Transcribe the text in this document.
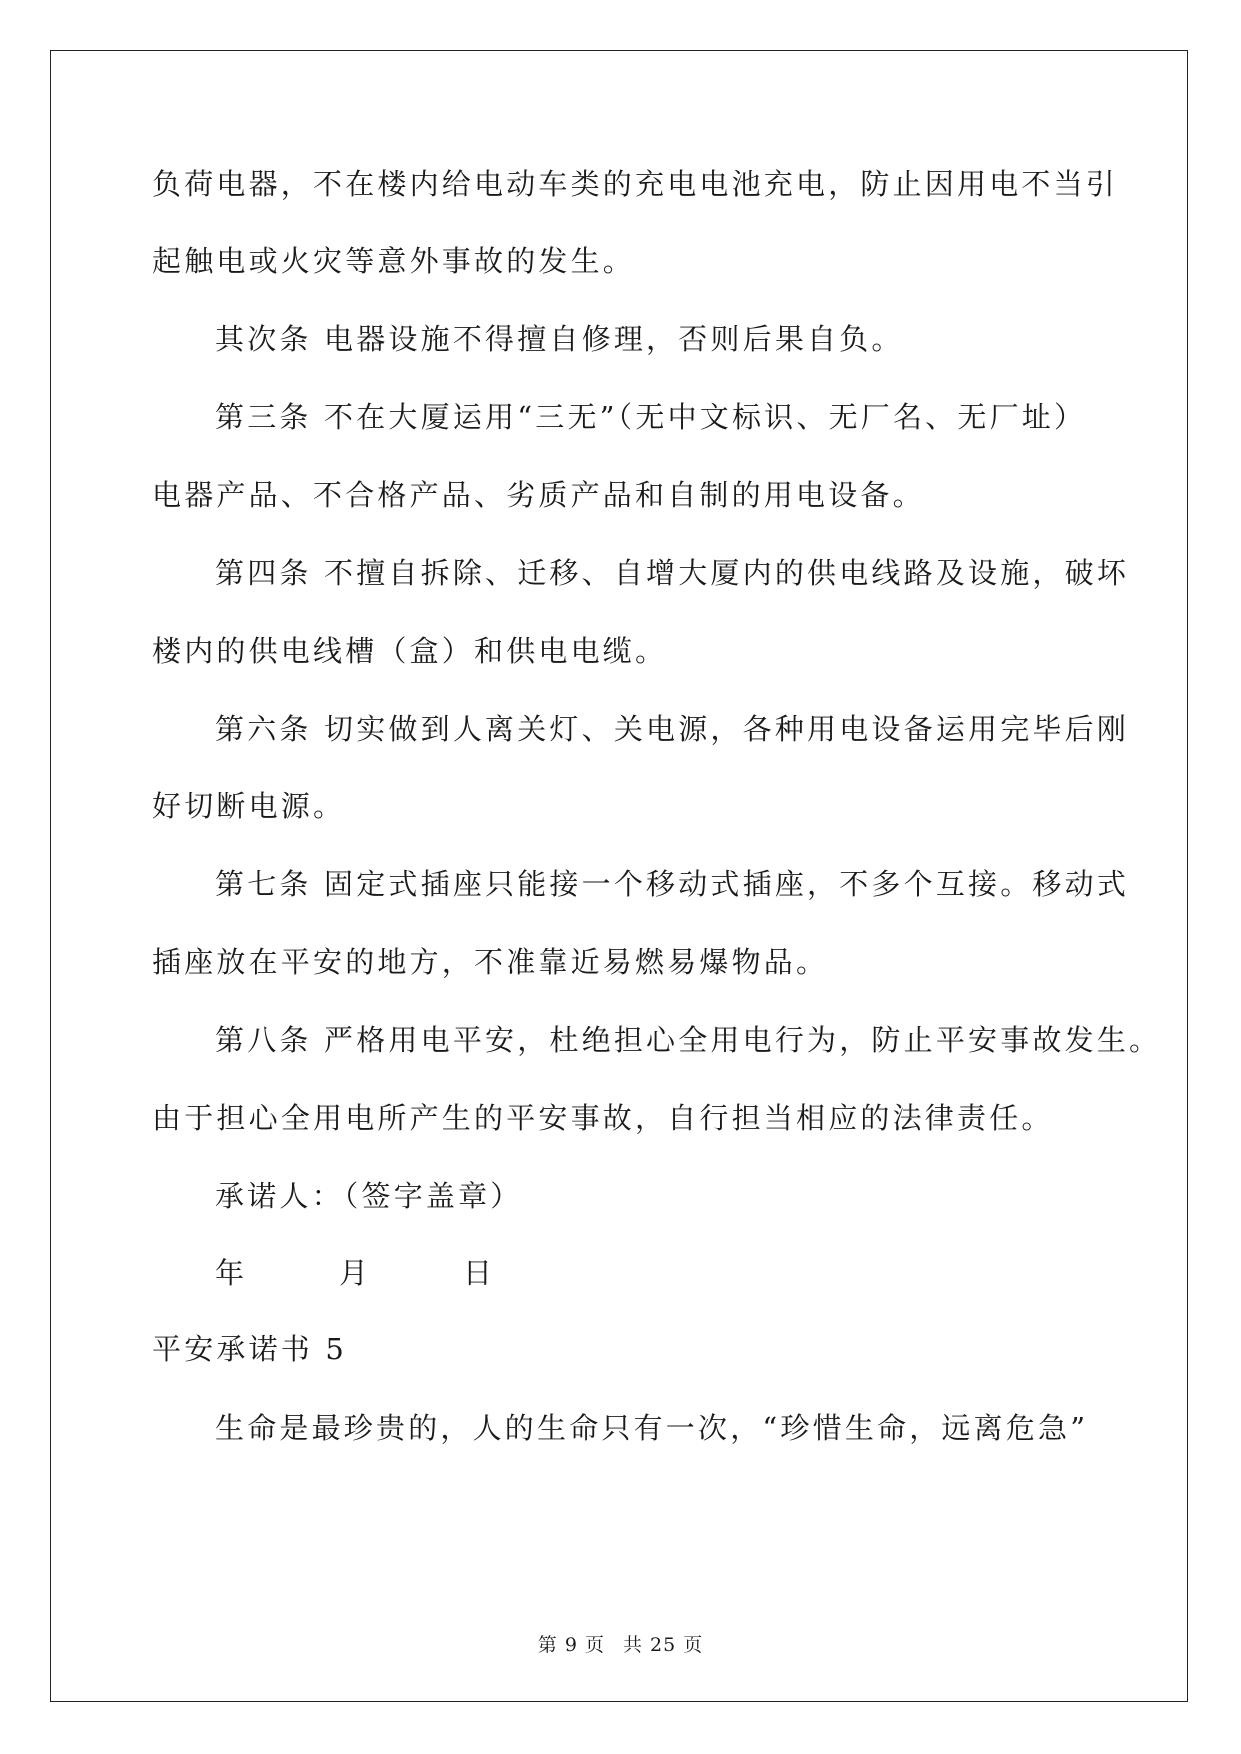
负荷电器，不在楼内给电动车类的充电电池充电，防止因用电不当引
起触电或火灾等意外事故的发生。
其次条 电器设施不得擅自修理，否则后果自负。
第三条 不在大厦运用“三无”（无中文标识、无厂名、无厂址）
电器产品、不合格产品、劣质产品和自制的用电设备。
第四条 不擅自拆除、迁移、自增大厦内的供电线路及设施，破坏
楼内的供电线槽（盒）和供电电缆。
第六条 切实做到人离关灯、关电源，各种用电设备运用完毕后刚
好切断电源。
第七条 固定式插座只能接一个移动式插座，不多个互接。移动式
插座放在平安的地方，不准靠近易燃易爆物品。
第八条 严格用电平安，杜绝担心全用电行为，防止平安事故发生。
由于担心全用电所产生的平安事故，自行担当相应的法律责任。
承诺人：（签字盖章）
年	月	日
平安承诺书 5
生命是最珍贵的，人的生命只有一次，“珍惜生命，远离危急”
第 9 页 共 25 页
